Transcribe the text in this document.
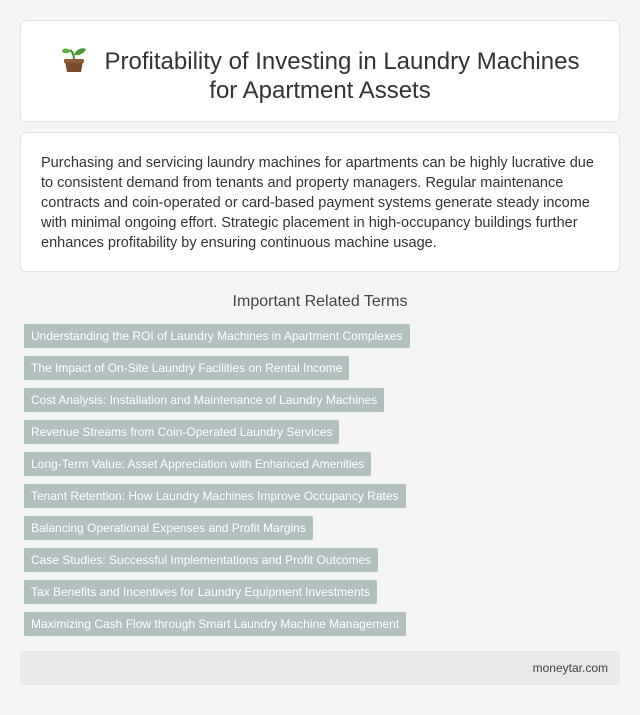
Profitability of Investing in Laundry Machines
for Apartment Assets

Purchasing and servicing laundry machines for apartments can be highly lucrative due to consistent demand from tenants and property managers. Regular maintenance contracts and coin-operated or card-based payment systems generate steady income with minimal ongoing effort. Strategic placement in high-occupancy buildings further enhances profitability by ensuring continuous machine usage.

Important Related Terms
Understanding the ROI of Laundry Machines in Apartment Complexes
The Impact of On-Site Laundry Facilities on Rental Income
Cost Analysis: Installation and Maintenance of Laundry Machines
Revenue Streams from Coin-Operated Laundry Services
Long-Term Value: Asset Appreciation with Enhanced Amenities
Tenant Retention: How Laundry Machines Improve Occupancy Rates
Balancing Operational Expenses and Profit Margins
Case Studies: Successful Implementations and Profit Outcomes
Tax Benefits and Incentives for Laundry Equipment Investments
Maximizing Cash Flow through Smart Laundry Machine Management
moneytar.com
